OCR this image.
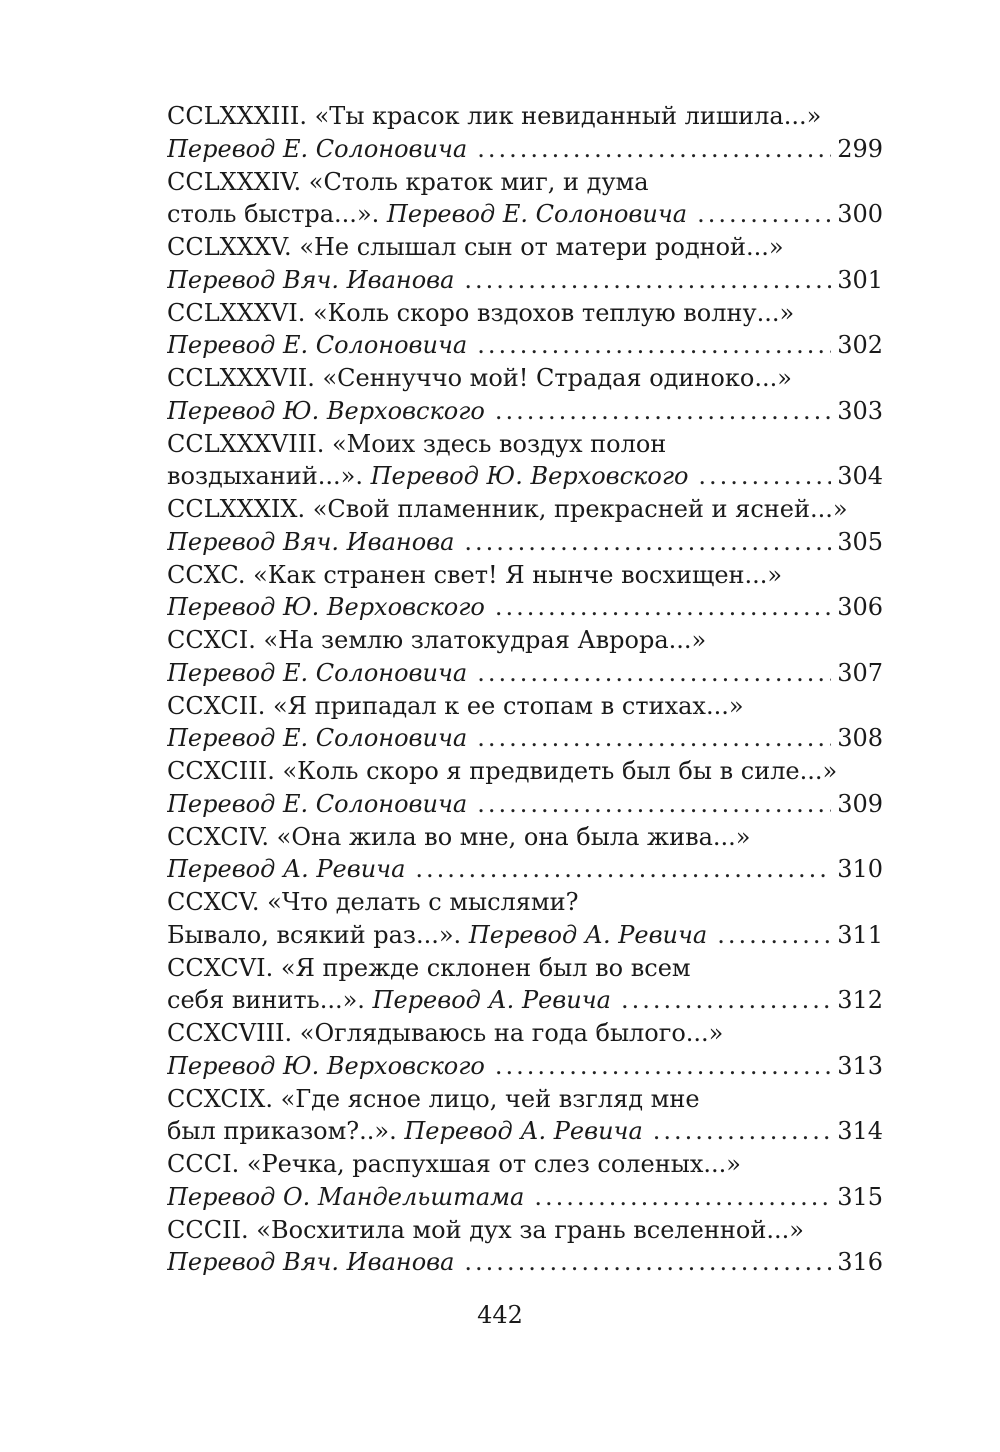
CCLXXXIII. «Ты красок лик невиданный лишила...»
Перевод Е. Солоновича .....	299
CCLXXXIV. «Столь краток миг, и дума
столь быстра...». Перевод Е. Солоновича .....	300
CCLXXXV. «Не слышал сын от матери родной...»
Перевод Вяч. Иванова .....	301
CCLXXXVI. «Коль скоро вздохов теплую волну...»
Перевод Е. Солоновича .....	302
CCLXXXVII. «Сеннуччо мой! Страдая одиноко...»
Перевод Ю. Верховского .....	303
CCLXXXVIII. «Моих здесь воздух полон
воздыханий...». Перевод Ю. Верховского .....	304
CCLXXXIX. «Свой пламенник, прекрасней и ясней...»
Перевод Вяч. Иванова .....	305
CCXC. «Как странен свет! Я нынче восхищен...»
Перевод Ю. Верховского .....	306
CCXCI. «На землю златокудрая Аврора...»
Перевод Е. Солоновича .....	307
CCXCII. «Я припадал к ее стопам в стихах...»
Перевод Е. Солоновича .....	308
CCXCIII. «Коль скоро я предвидеть был бы в силе...»
Перевод Е. Солоновича .....	309
CCXCIV. «Она жила во мне, она была жива...»
Перевод А. Ревича .....	310
CCXCV. «Что делать с мыслями?
Бывало, всякий раз...». Перевод А. Ревича .....	311
CCXCVI. «Я прежде склонен был во всем
себя винить...». Перевод А. Ревича .....	312
CCXCVIII. «Оглядываюсь на года былого...»
Перевод Ю. Верховского .....	313
CCXCIX. «Где ясное лицо, чей взгляд мне
был приказом?..». Перевод А. Ревича .....	314
CCCI. «Речка, распухшая от слез соленых...»
Перевод О. Мандельштама .....	315
CCCII. «Восхитила мой дух за грань вселенной...»
Перевод Вяч. Иванова .....	316
442
